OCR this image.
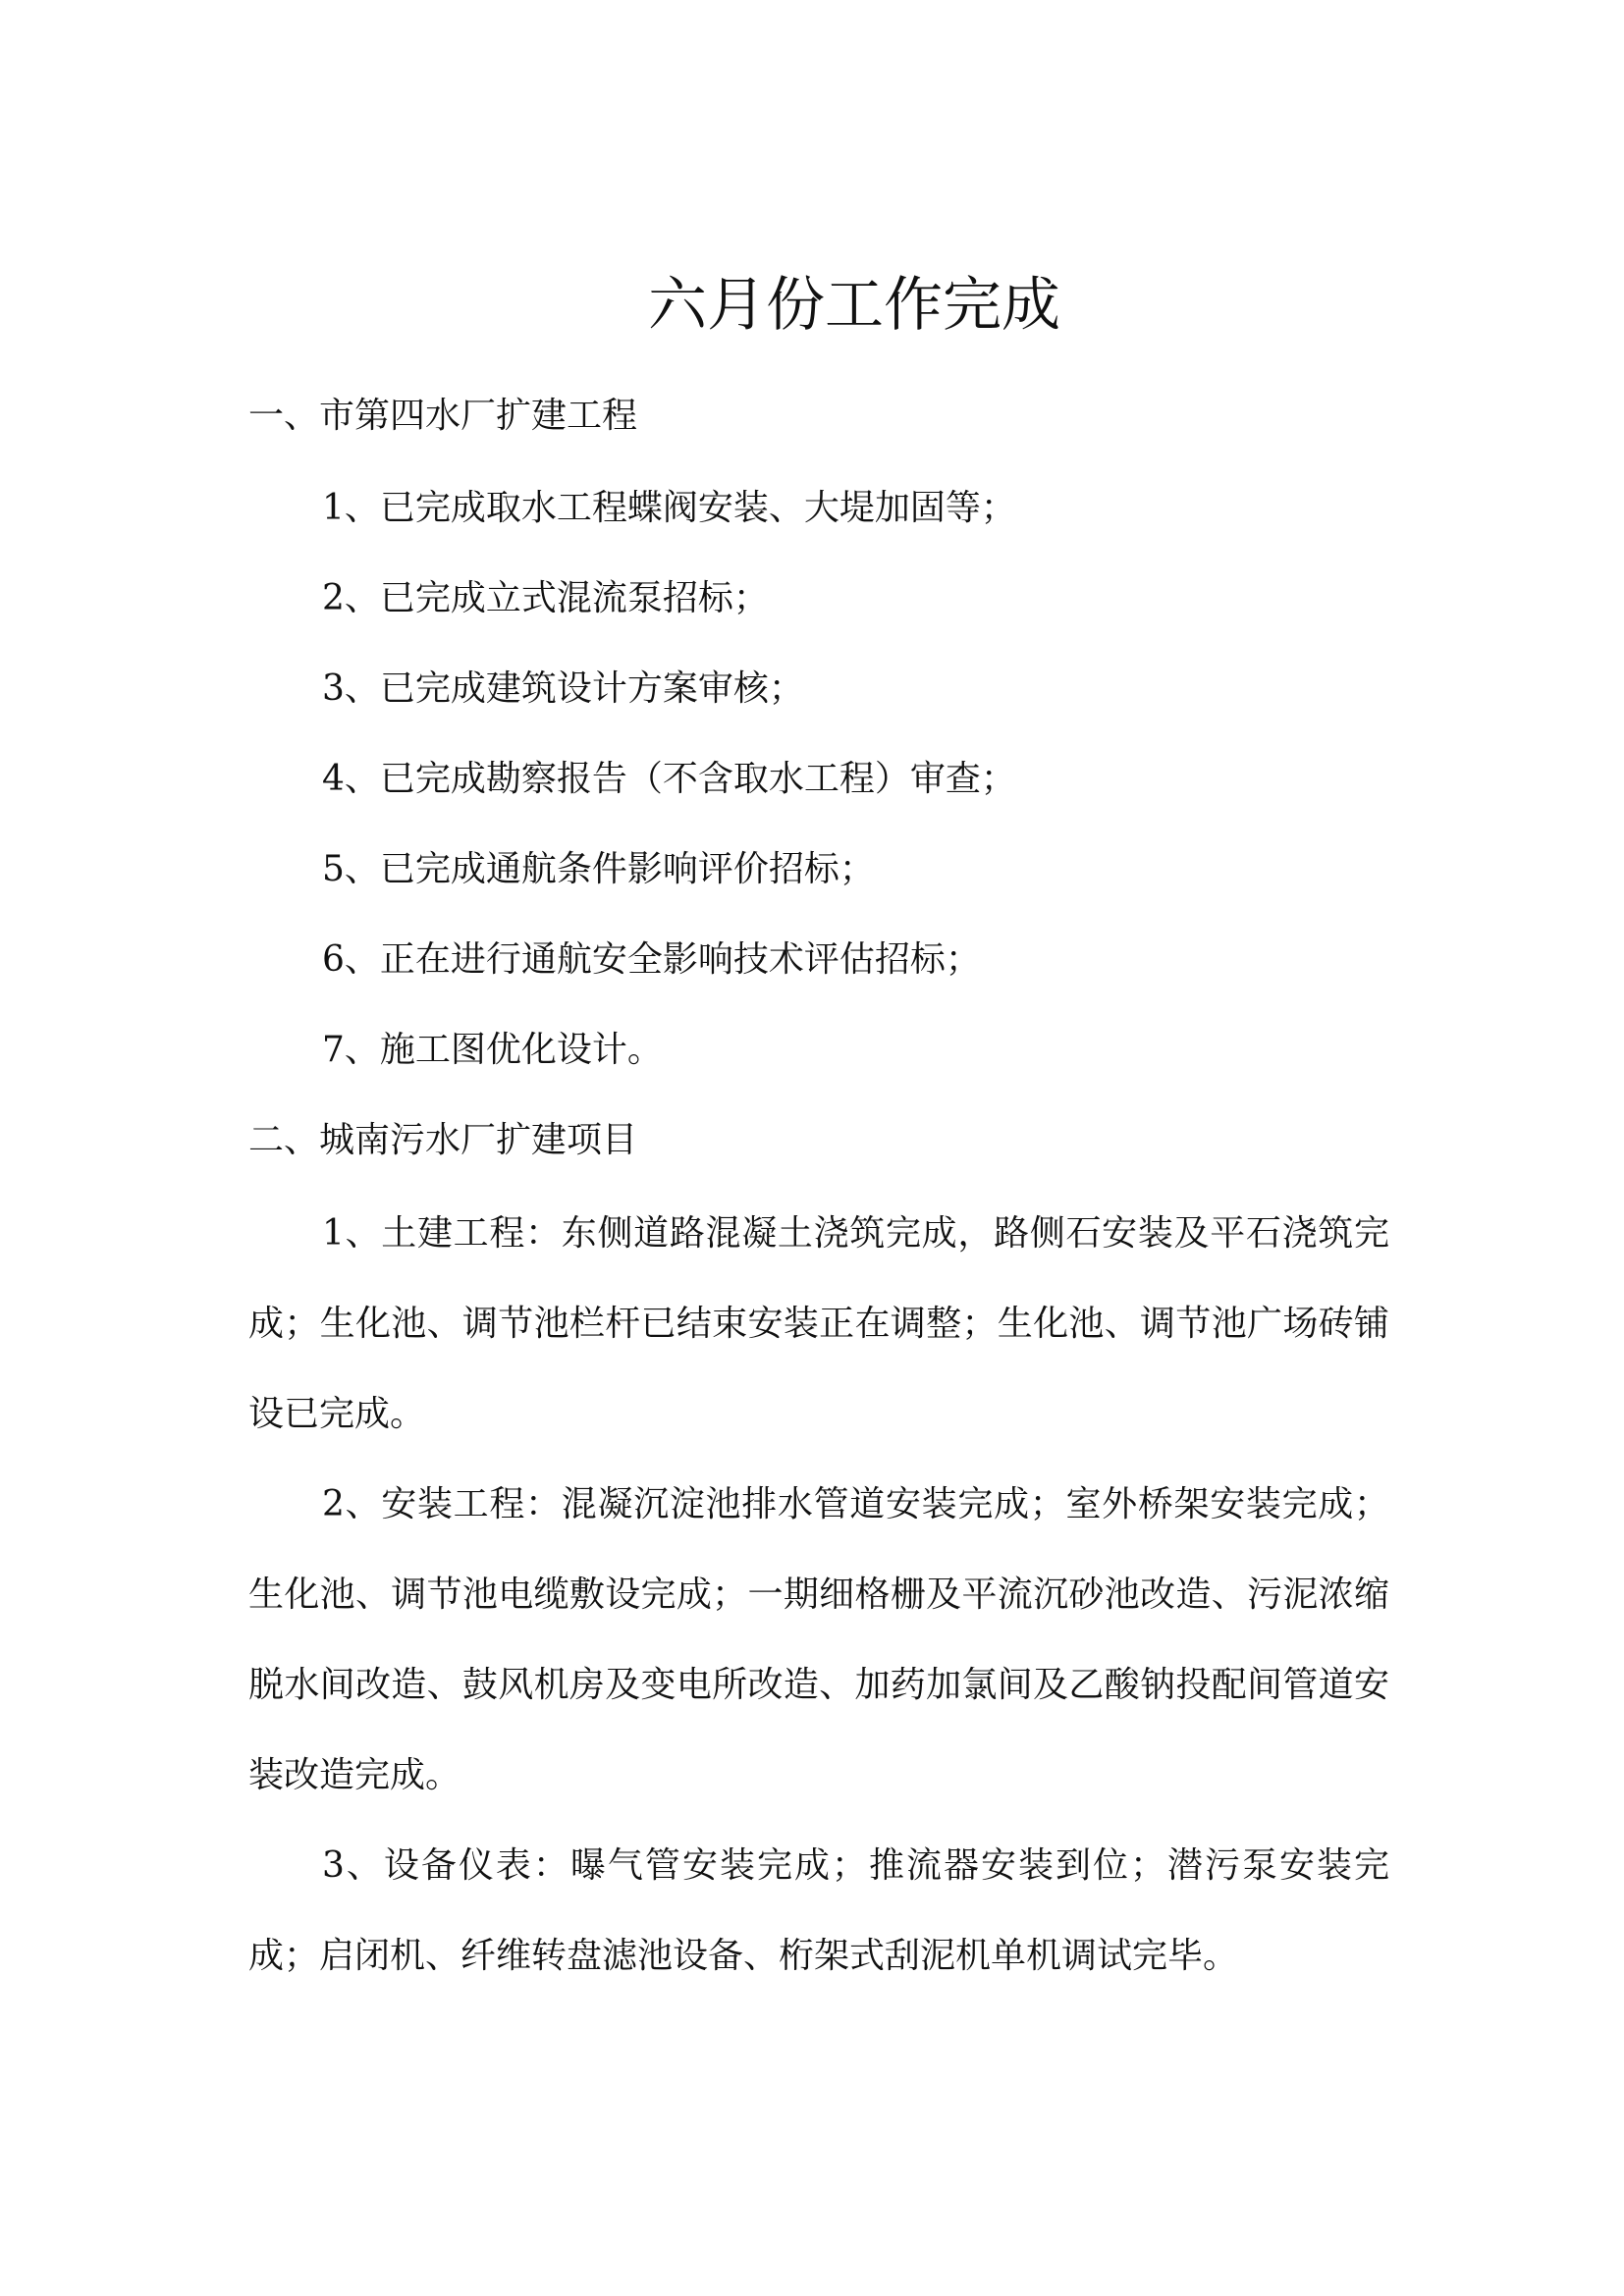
六月份工作完成
一、市第四水厂扩建工程

1、已完成取水工程蝶阀安装、大堤加固等；

2、已完成立式混流泵招标；

3、已完成建筑设计方案审核；

4、已完成勘察报告（不含取水工程）审查；

5、已完成通航条件影响评价招标；

6、正在进行通航安全影响技术评估招标；

7、施工图优化设计。

二、城南污水厂扩建项目

1、土建工程：东侧道路混凝土浇筑完成，路侧石安装及平石浇筑完成；生化池、调节池栏杆已结束安装正在调整；生化池、调节池广场砖铺设已完成。

2、安装工程：混凝沉淀池排水管道安装完成；室外桥架安装完成；生化池、调节池电缆敷设完成；一期细格栅及平流沉砂池改造、污泥浓缩脱水间改造、鼓风机房及变电所改造、加药加氯间及乙酸钠投配间管道安装改造完成。

3、设备仪表：曝气管安装完成；推流器安装到位；潜污泵安装完成；启闭机、纤维转盘滤池设备、桁架式刮泥机单机调试完毕。
